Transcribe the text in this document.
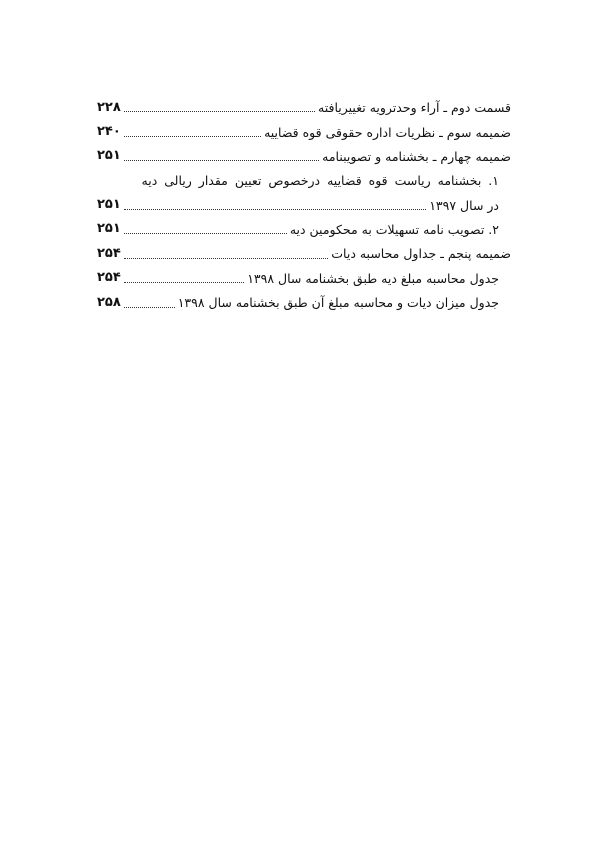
قسمت دوم ـ آراء وحدترویه تغییریافته
۲۲۸
ضمیمه سوم ـ نظریات اداره حقوقی قوه قضاییه
۲۴۰
ضمیمه چهارم ـ بخشنامه و تصویبنامه
۲۵۱
۱. بخشنامه ریاست قوه قضاییه درخصوص تعیین مقدار ریالی دیه
در سال ۱۳۹۷
۲۵۱
۲. تصویب نامه تسهیلات به محکومین دیه
۲۵۱
ضمیمه پنجم ـ جداول محاسبه دیات
۲۵۴
جدول محاسبه مبلغ دیه طبق بخشنامه سال ۱۳۹۸
۲۵۴
جدول میزان دیات و محاسبه مبلغ آن طبق بخشنامه سال ۱۳۹۸
۲۵۸
